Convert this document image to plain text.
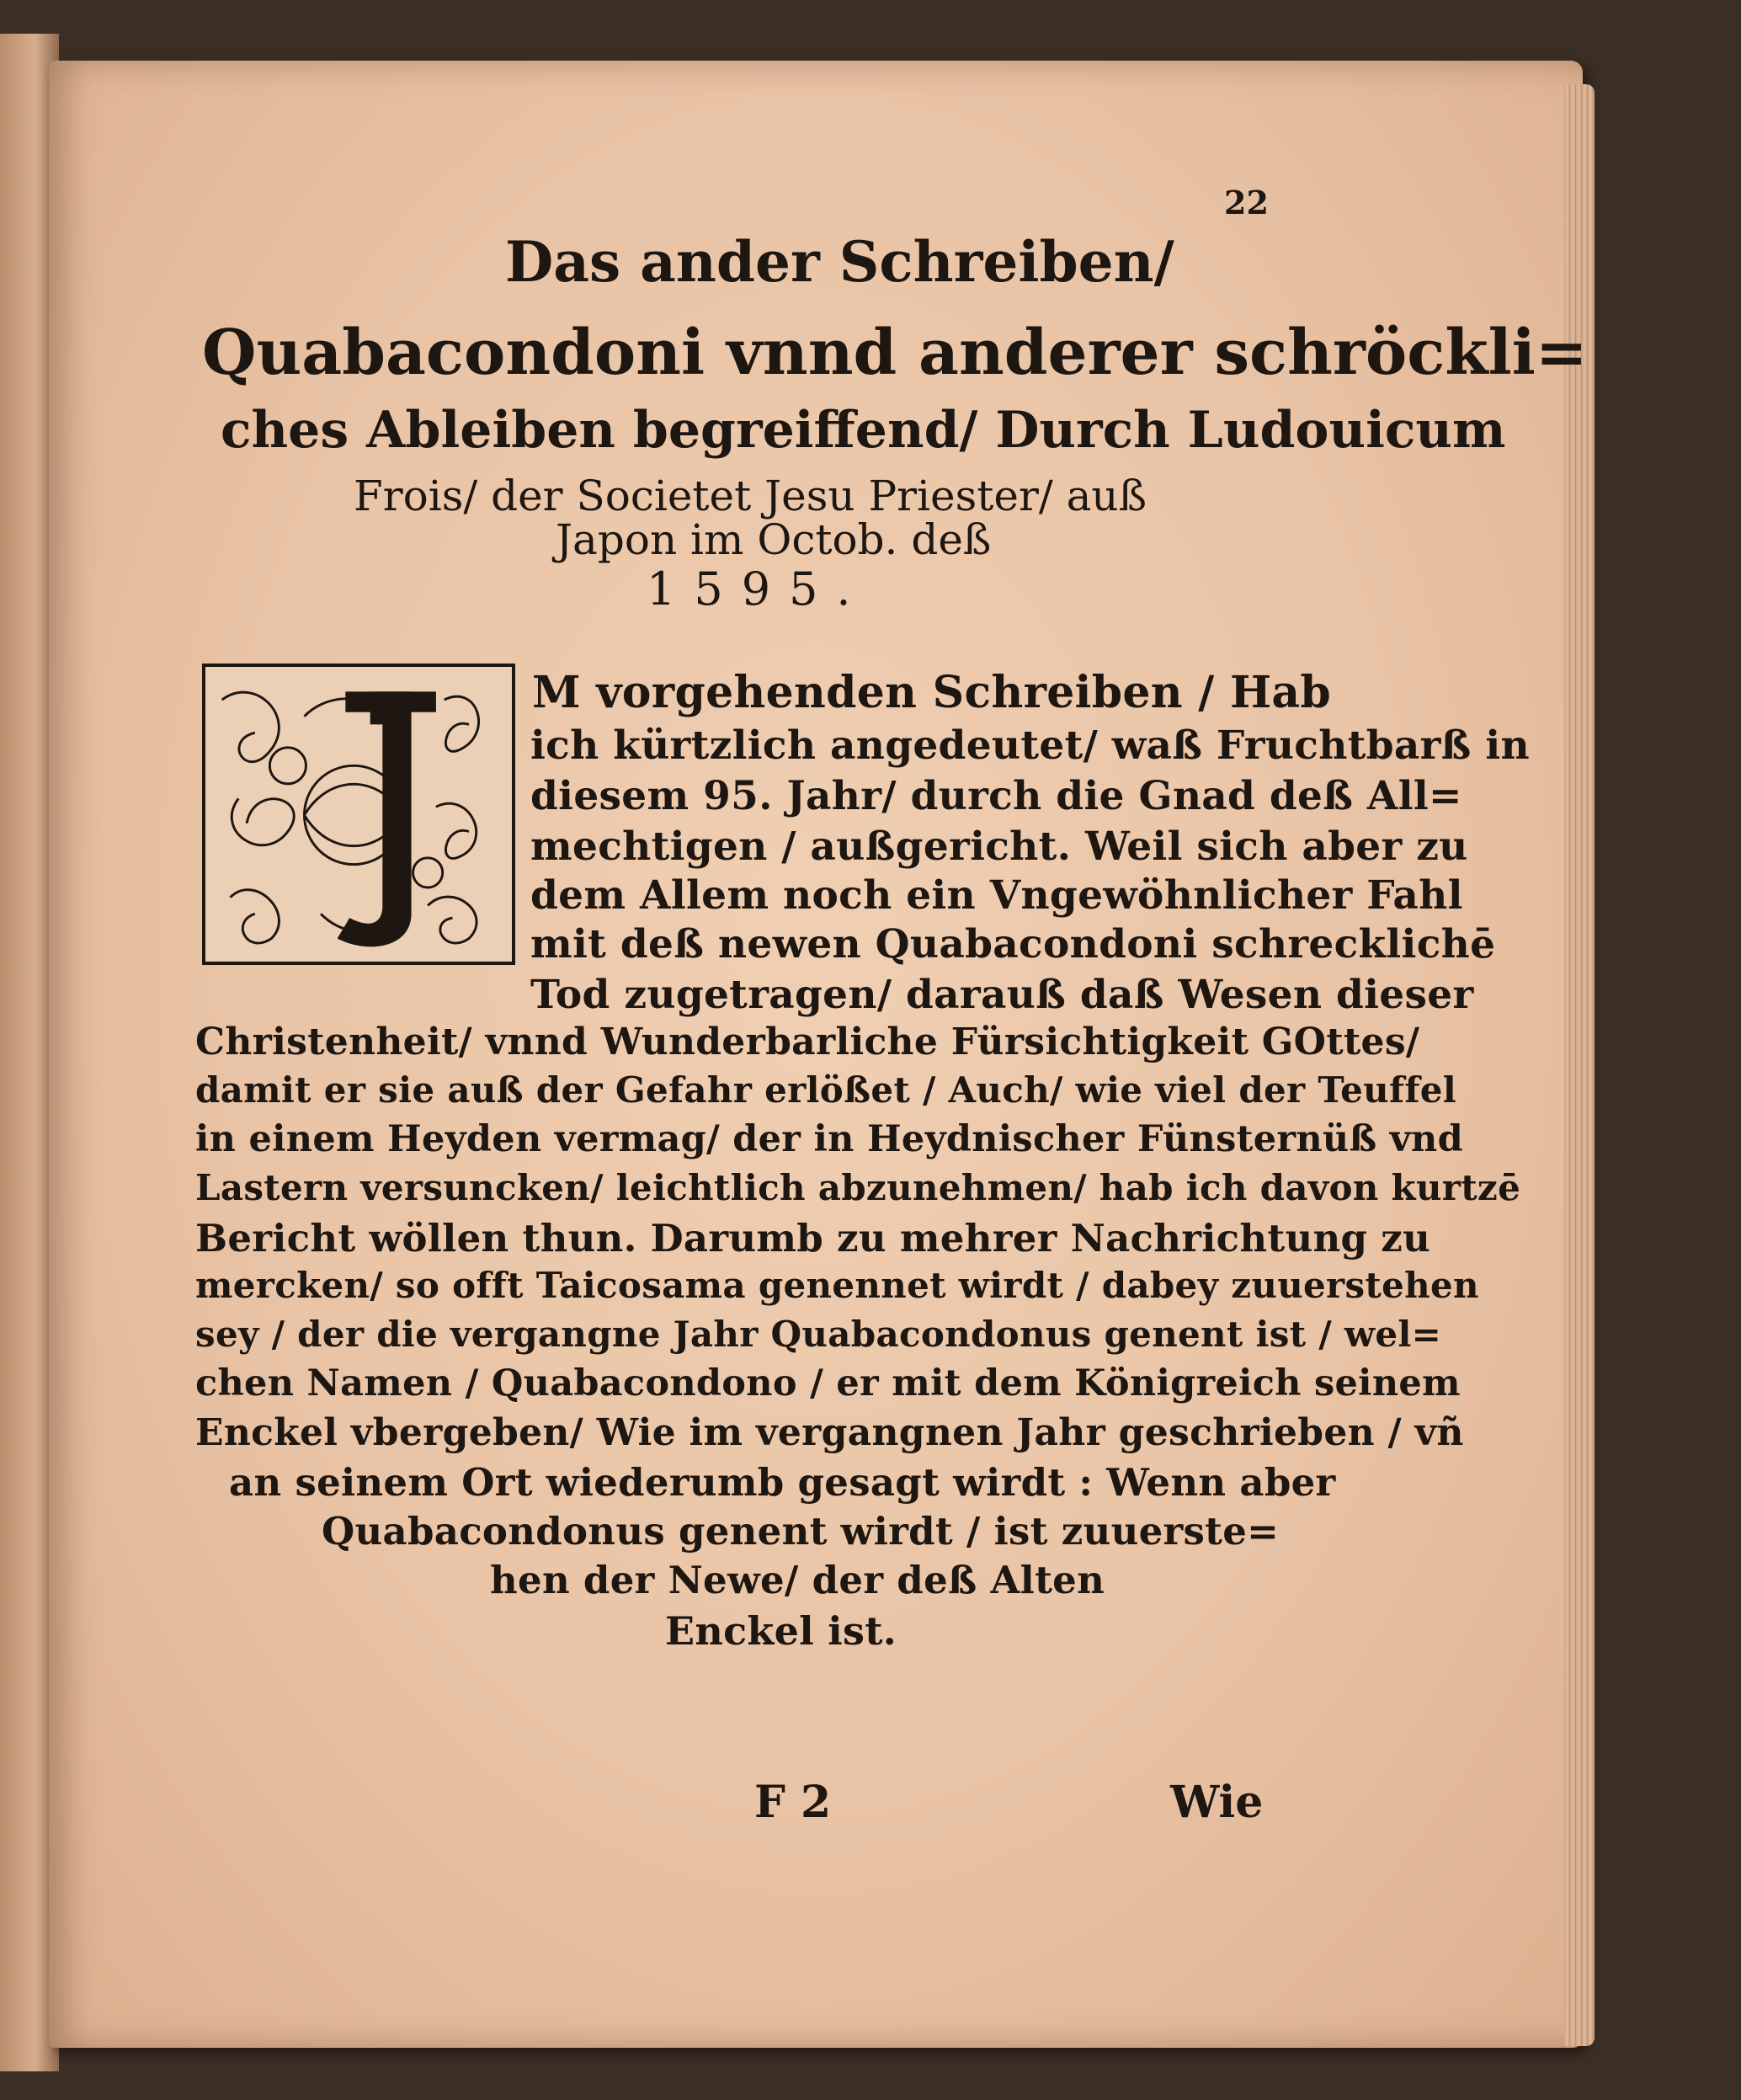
22
Das ander Schreiben/
Quabacondoni vnnd anderer schröckli=
ches Ableiben begreiffend/ Durch Ludouicum
Frois/ der Societet Jesu Priester/ auß
Japon im Octob. deß
1595.
M vorgehenden Schreiben / Hab
ich kürtzlich angedeutet/ waß Fruchtbarß in
diesem 95. Jahr/ durch die Gnad deß All=
mechtigen / außgericht. Weil sich aber zu
dem Allem noch ein Vngewöhnlicher Fahl
mit deß newen Quabacondoni schrecklichē
Tod zugetragen/ darauß daß Wesen dieser
Christenheit/ vnnd Wunderbarliche Fürsichtigkeit GOttes/
damit er sie auß der Gefahr erlößet / Auch/ wie viel der Teuffel
in einem Heyden vermag/ der in Heydnischer Fünsternüß vnd
Lastern versuncken/ leichtlich abzunehmen/ hab ich davon kurtzē
Bericht wöllen thun. Darumb zu mehrer Nachrichtung zu
mercken/ so offt Taicosama genennet wirdt / dabey zuuerstehen
sey / der die vergangne Jahr Quabacondonus genent ist / wel=
chen Namen / Quabacondono / er mit dem Königreich seinem
Enckel vbergeben/ Wie im vergangnen Jahr geschrieben / vñ
an seinem Ort wiederumb gesagt wirdt : Wenn aber
Quabacondonus genent wirdt / ist zuuerste=
hen der Newe/ der deß Alten
Enckel ist.
F 2	Wie
